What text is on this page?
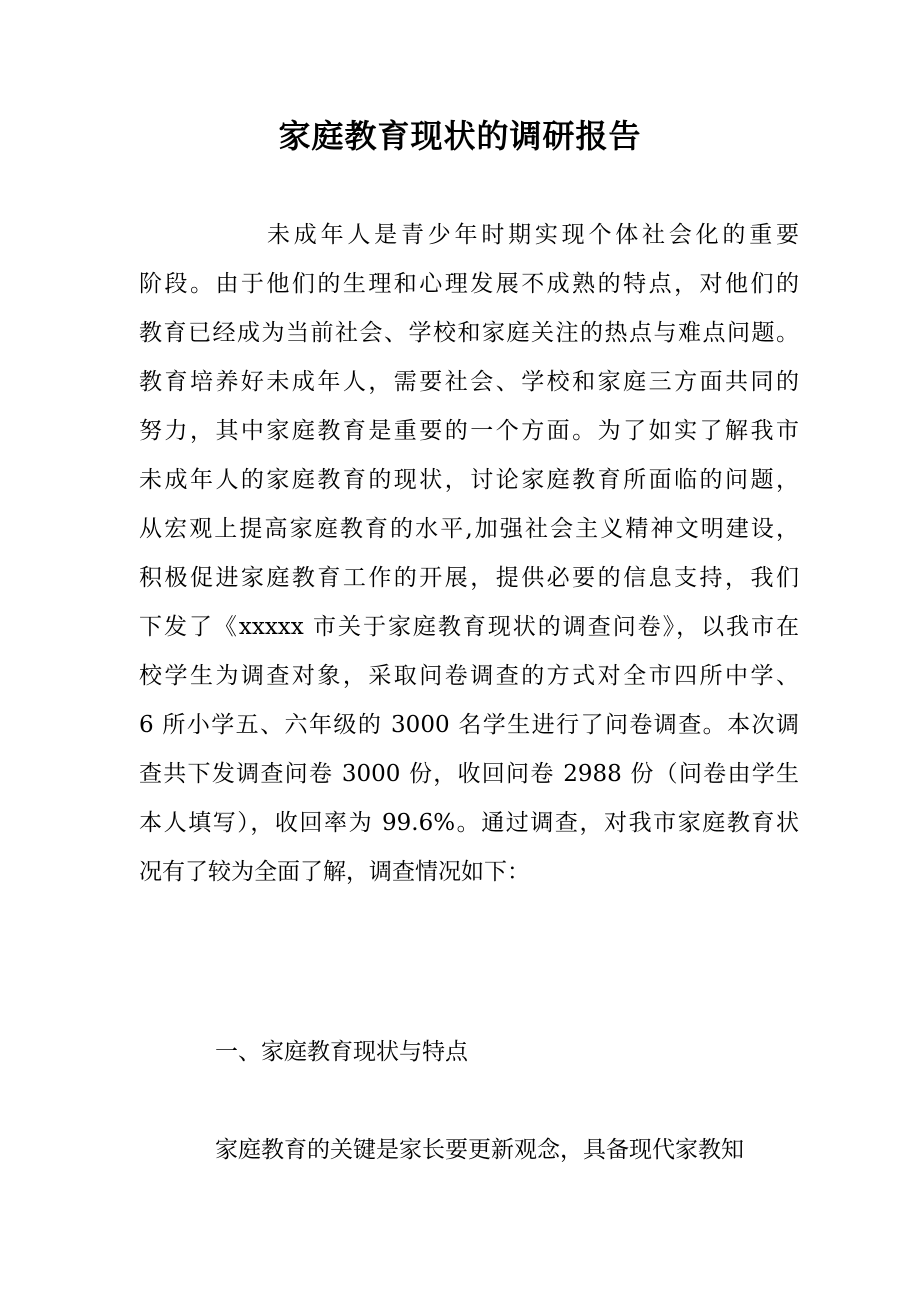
家庭教育现状的调研报告
未成年人是青少年时期实现个体社会化的重要
阶段。由于他们的生理和心理发展不成熟的特点，对他们的
教育已经成为当前社会、学校和家庭关注的热点与难点问题。
教育培养好未成年人，需要社会、学校和家庭三方面共同的
努力，其中家庭教育是重要的一个方面。为了如实了解我市
未成年人的家庭教育的现状，讨论家庭教育所面临的问题，
从宏观上提高家庭教育的水平,加强社会主义精神文明建设，
积极促进家庭教育工作的开展，提供必要的信息支持，我们
下发了《xxxxx 市关于家庭教育现状的调查问卷》，以我市在
校学生为调查对象，采取问卷调查的方式对全市四所中学、
6 所小学五、六年级的 3000 名学生进行了问卷调查。本次调
查共下发调查问卷 3000 份，收回问卷 2988 份（问卷由学生
本人填写），收回率为 99.6%。通过调查，对我市家庭教育状
况有了较为全面了解，调查情况如下：
一、家庭教育现状与特点

家庭教育的关键是家长要更新观念，具备现代家教知
